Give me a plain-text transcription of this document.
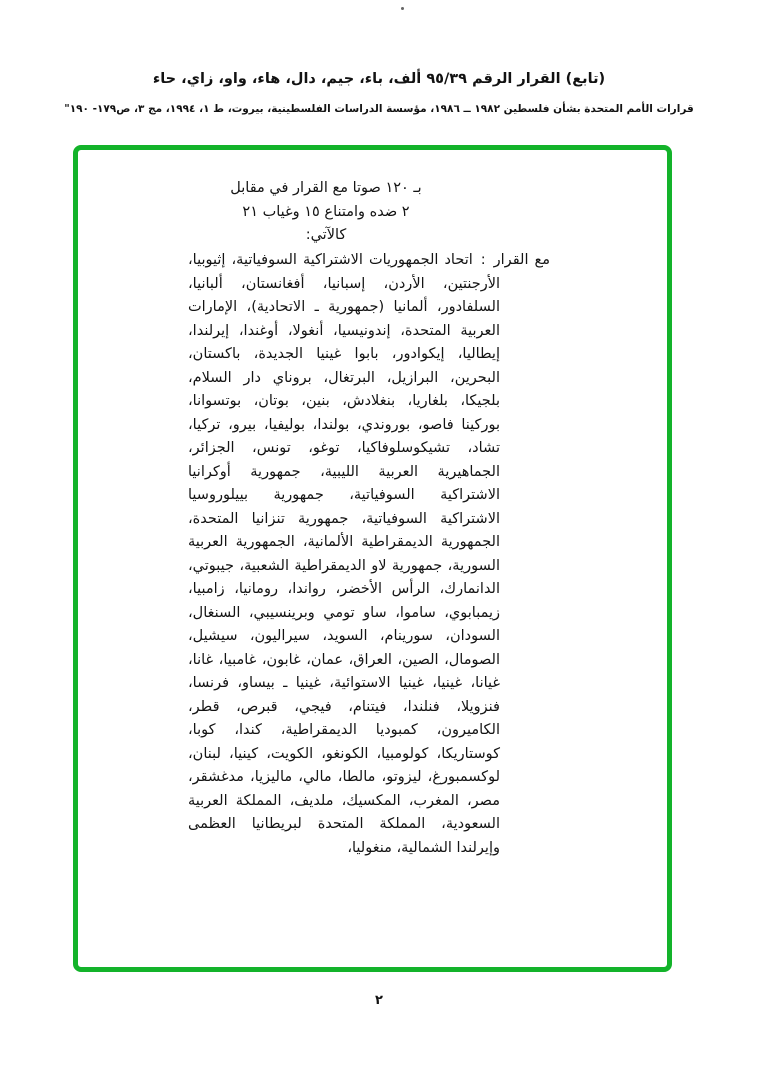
(تابع) القرار الرقم ٩٥/٣٩ ألف، باء، جيم، دال، هاء، واو، زاي، حاء
قرارات الأمم المتحدة بشأن فلسطين ١٩٨٢ ــ ١٩٨٦، مؤسسة الدراسات الفلسطينية، بيروت، ط ١، ١٩٩٤، مج ٣، ص١٧٩- ١٩٠"
بـ ١٢٠ صوتا مع القرار في مقابل
٢ ضده وامتناع ١٥ وغياب ٢١
كالآتي:
مع القرار:اتحاد الجمهوريات الاشتراكية السوفياتية، إثيوبيا، الأرجنتين، الأردن، إسبانيا، أفغانستان، ألبانيا، السلفادور، ألمانيا (جمهورية ـ الاتحادية)، الإمارات العربية المتحدة، إندونيسيا، أنغولا، أوغندا، إيرلندا، إيطاليا، إيكوادور، بابوا غينيا الجديدة، باكستان، البحرين، البرازيل، البرتغال، بروناي دار السلام، بلجيكا، بلغاريا، بنغلادش، بنين، بوتان، بوتسوانا، بوركينا فاصو، بوروندي، بولندا، بوليفيا، بيرو، تركيا، تشاد، تشيكوسلوفاكيا، توغو، تونس، الجزائر، الجماهيرية العربية الليبية، جمهورية أوكرانيا الاشتراكية السوفياتية، جمهورية بييلوروسيا الاشتراكية السوفياتية، جمهورية تنزانيا المتحدة، الجمهورية الديمقراطية الألمانية، الجمهورية العربية السورية، جمهورية لاو الديمقراطية الشعبية، جيبوتي، الدانمارك، الرأس الأخضر، رواندا، رومانيا، زامبيا، زيمبابوي، ساموا، ساو تومي وبرينسيبي، السنغال، السودان، سورينام، السويد، سيراليون، سيشيل، الصومال، الصين، العراق، عمان، غابون، غامبيا، غانا، غيانا، غينيا، غينيا الاستوائية، غينيا ـ بيساو، فرنسا، فنزويلا، فنلندا، فيتنام، فيجي، قبرص، قطر، الكاميرون، كمبوديا الديمقراطية، كندا، كوبا، كوستاريكا، كولومبيا، الكونغو، الكويت، كينيا، لبنان، لوكسمبورغ، ليزوتو، مالطا، مالي، ماليزيا، مدغشقر، مصر، المغرب، المكسيك، ملديف، المملكة العربية السعودية، المملكة المتحدة لبريطانيا العظمى وإيرلندا الشمالية، منغوليا،
٢
